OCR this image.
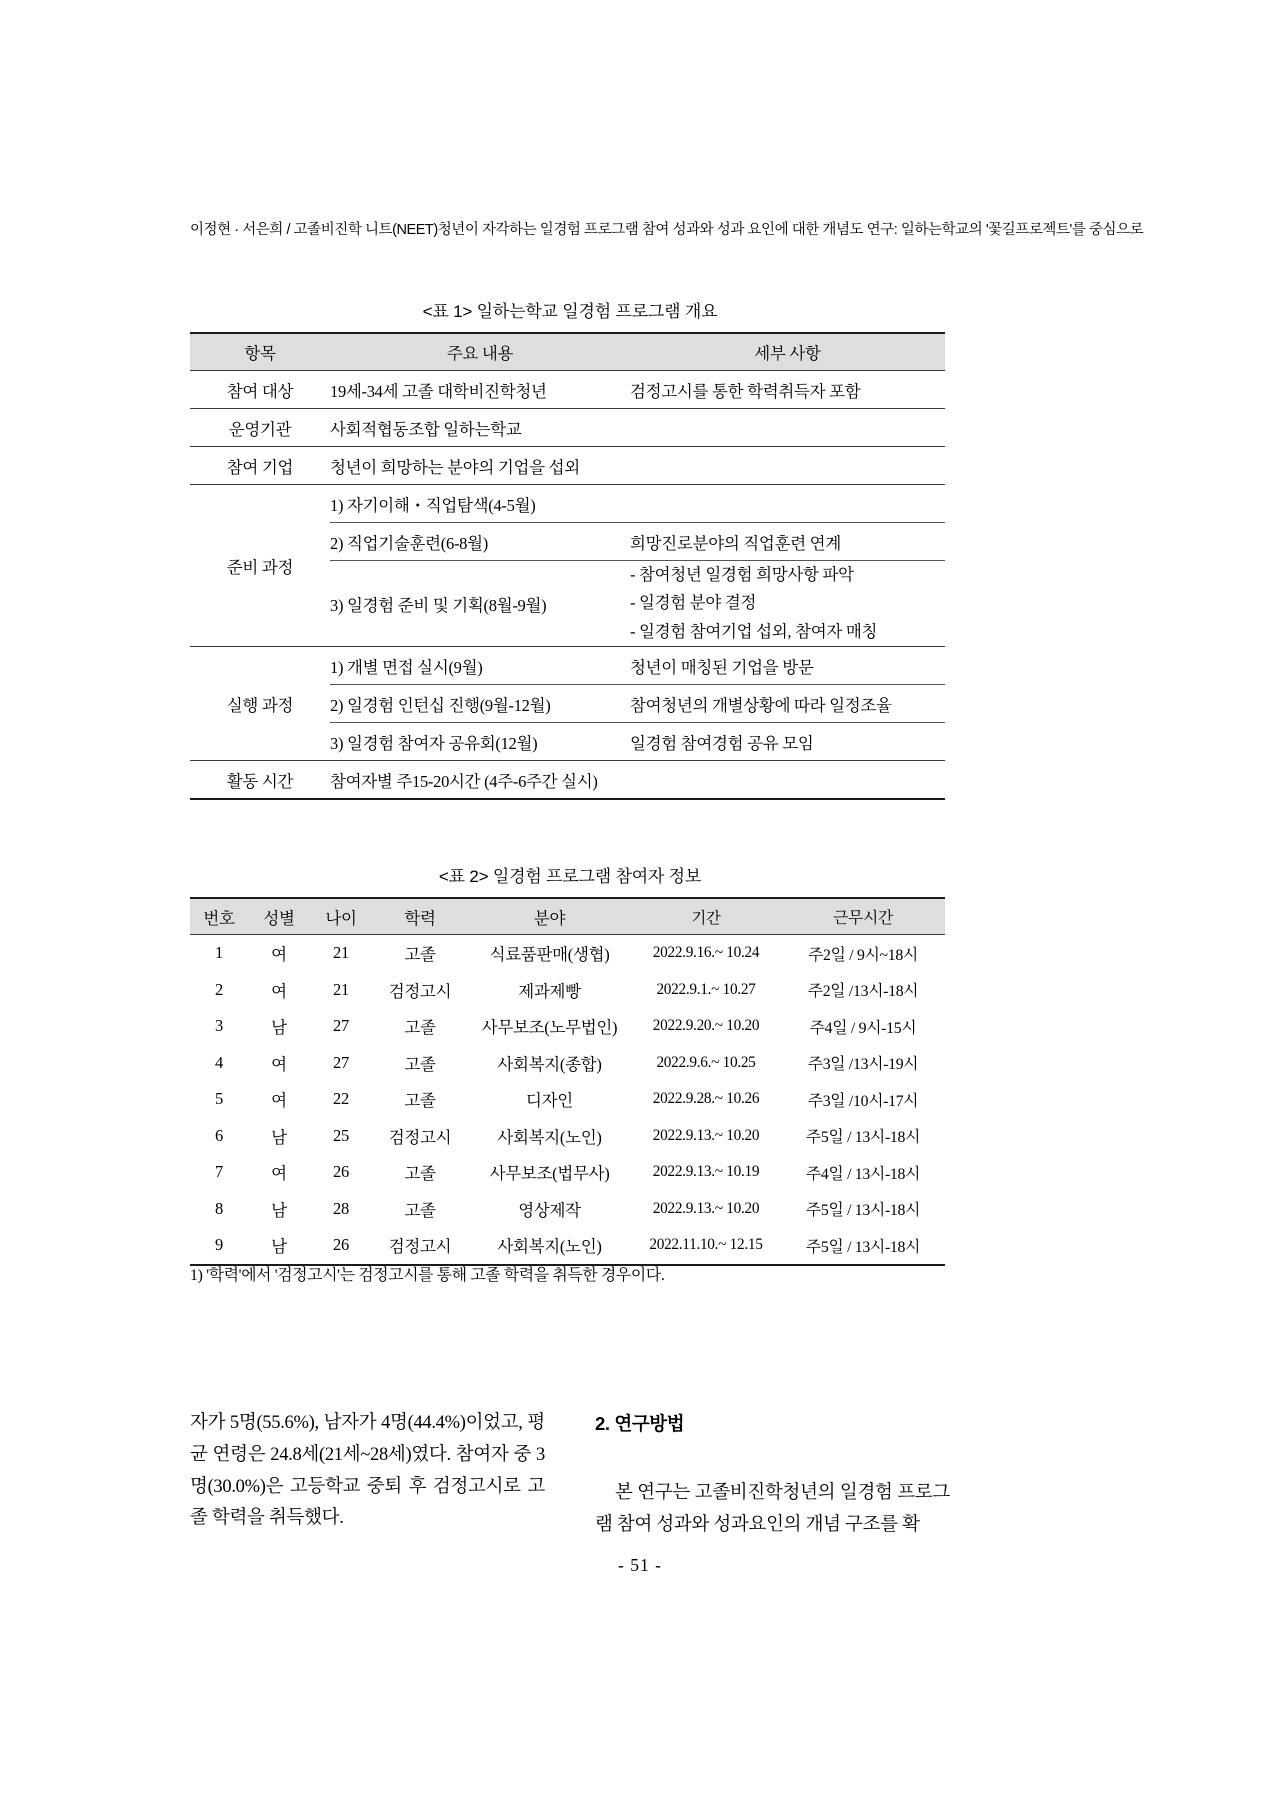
이정현 · 서은희 / 고졸비진학 니트(NEET)청년이 자각하는 일경험 프로그램 참여 성과와 성과 요인에 대한 개념도 연구: 일하는학교의 '꽃길프로젝트'를 중심으로
<표 1> 일하는학교 일경험 프로그램 개요
항목	주요 내용	세부 사항
참여 대상	19세-34세 고졸 대학비진학청년	검정고시를 통한 학력취득자 포함
운영기관	사회적협동조합 일하는학교	
참여 기업	청년이 희망하는 분야의 기업을 섭외	
준비 과정	1) 자기이해・직업탐색(4-5월)	
	2) 직업기술훈련(6-8월)	희망진로분야의 직업훈련 연계
	3) 일경험 준비 및 기획(8월-9월)	- 참여청년 일경험 희망사항 파악
- 일경험 분야 결정
- 일경험 참여기업 섭외, 참여자 매칭

실행 과정	1) 개별 면접 실시(9월)	청년이 매칭된 기업을 방문
	2) 일경험 인턴십 진행(9월-12월)	참여청년의 개별상황에 따라 일정조율
	3) 일경험 참여자 공유회(12월)	일경험 참여경험 공유 모임
활동 시간	참여자별 주15-20시간 (4주-6주간 실시)	
<표 2> 일경험 프로그램 참여자 정보
번호	성별	나이	학력	분야	기간	근무시간
1	여	21	고졸	식료품판매(생협)	2022.9.16.~ 10.24	주2일 / 9시~18시
2	여	21	검정고시	제과제빵	2022.9.1.~ 10.27	주2일 /13시-18시
3	남	27	고졸	사무보조(노무법인)	2022.9.20.~ 10.20	주4일 / 9시-15시
4	여	27	고졸	사회복지(종합)	2022.9.6.~ 10.25	주3일 /13시-19시
5	여	22	고졸	디자인	2022.9.28.~ 10.26	주3일 /10시-17시
6	남	25	검정고시	사회복지(노인)	2022.9.13.~ 10.20	주5일 / 13시-18시
7	여	26	고졸	사무보조(법무사)	2022.9.13.~ 10.19	주4일 / 13시-18시
8	남	28	고졸	영상제작	2022.9.13.~ 10.20	주5일 / 13시-18시
9	남	26	검정고시	사회복지(노인)	2022.11.10.~ 12.15	주5일 / 13시-18시
1) '학력'에서 '검정고시'는 검정고시를 통해 고졸 학력을 취득한 경우이다.

자가 5명(55.6%), 남자가 4명(44.4%)이었고, 평균 연령은 24.8세(21세~28세)였다. 참여자 중 3명(30.0%)은 고등학교 중퇴 후 검정고시로 고졸 학력을 취득했다.

2. 연구방법

본 연구는 고졸비진학청년의 일경험 프로그램 참여 성과와 성과요인의 개념 구조를 확

- 51 -
